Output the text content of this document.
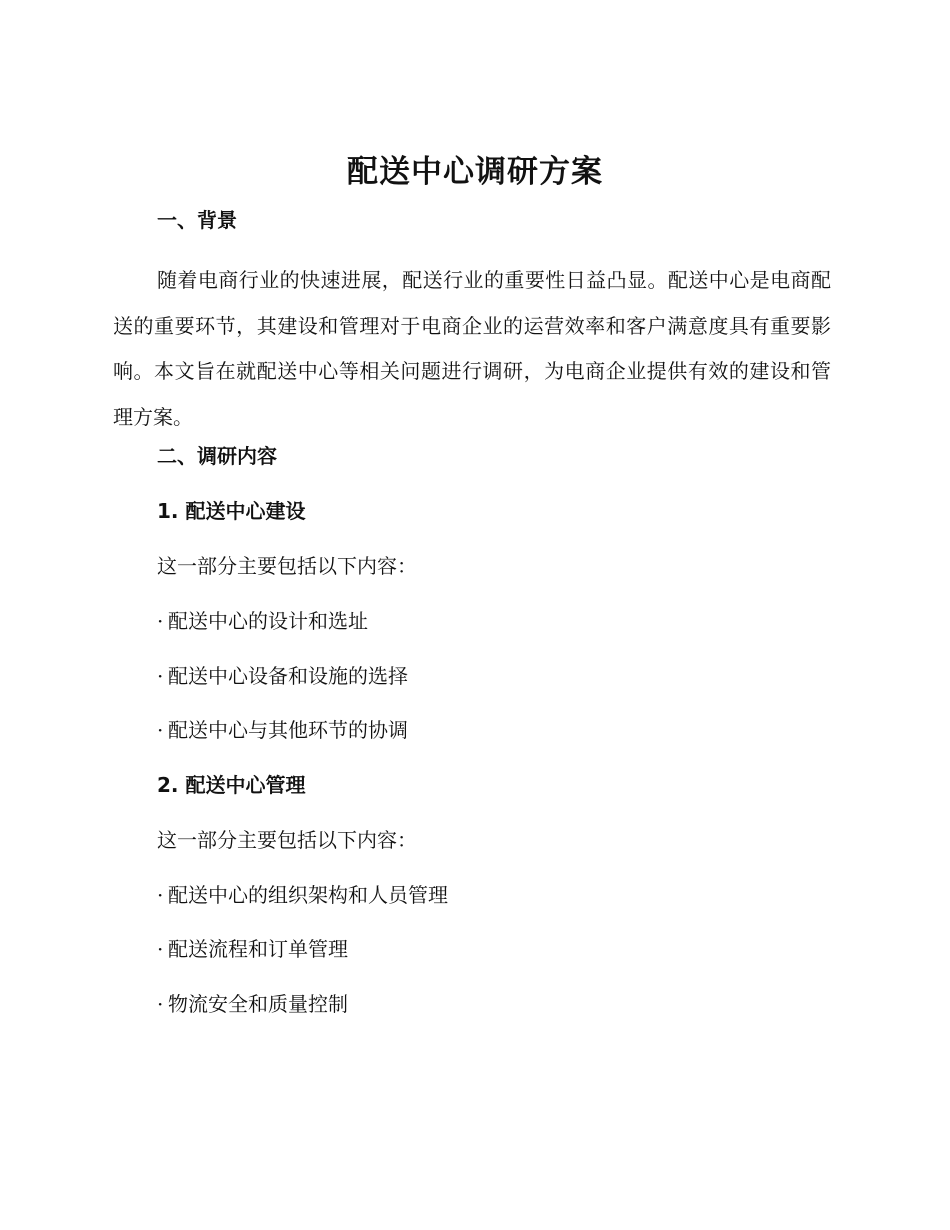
配送中心调研方案
一、背景

随着电商行业的快速进展，配送行业的重要性日益凸显。配送中心是电商配送的重要环节，其建设和管理对于电商企业的运营效率和客户满意度具有重要影响。本文旨在就配送中心等相关问题进行调研，为电商企业提供有效的建设和管理方案。

二、调研内容
1. 配送中心建设
这一部分主要包括以下内容：
· 配送中心的设计和选址
· 配送中心设备和设施的选择
· 配送中心与其他环节的协调
2. 配送中心管理
这一部分主要包括以下内容：
· 配送中心的组织架构和人员管理
· 配送流程和订单管理
· 物流安全和质量控制
